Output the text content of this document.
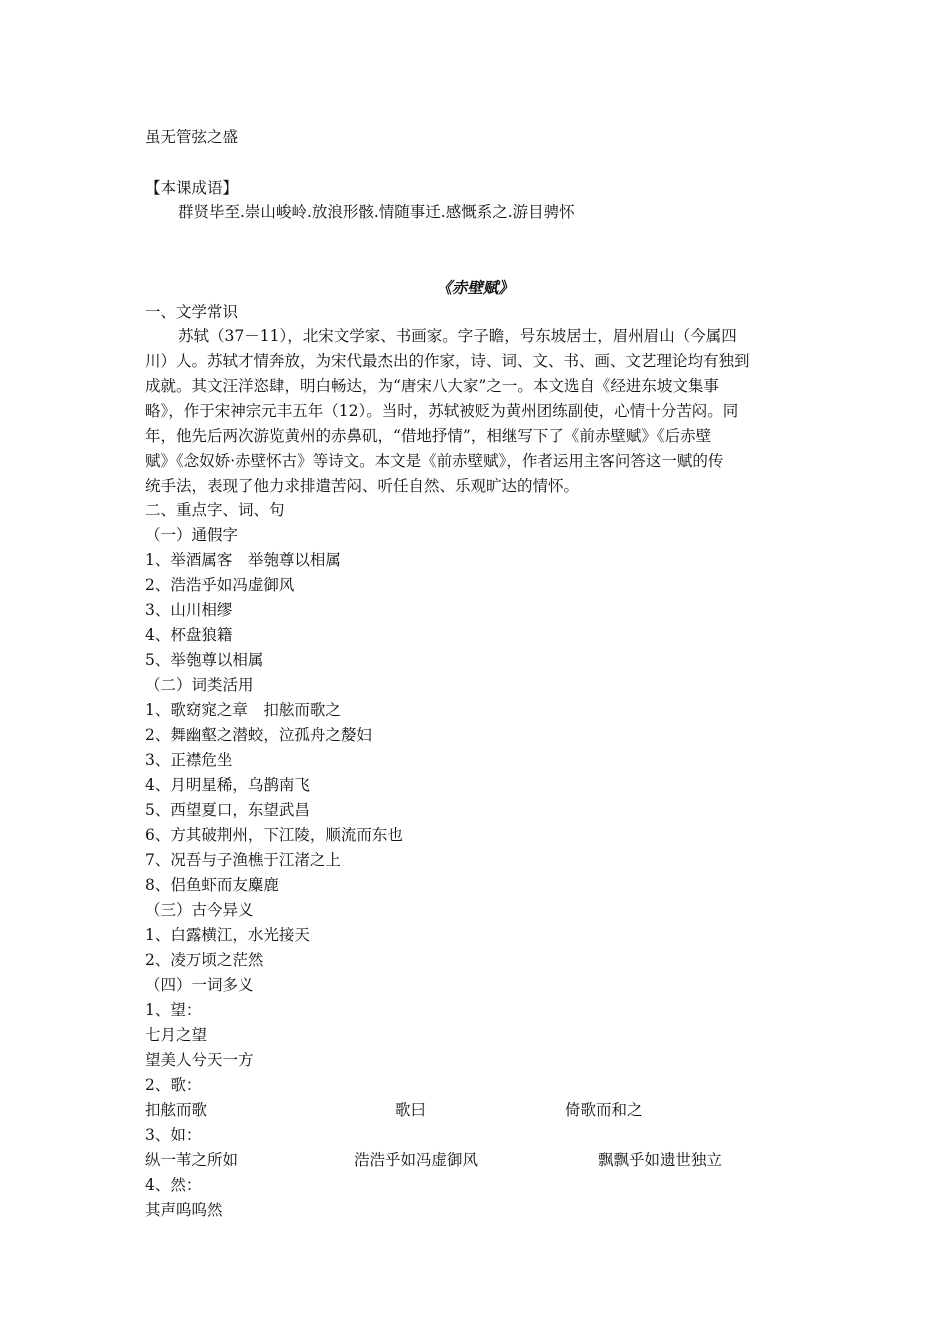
虽无管弦之盛
【本课成语】
群贤毕至.崇山峻岭.放浪形骸.情随事迁.感慨系之.游目骋怀
《赤壁赋》
一、文学常识
苏轼（37－11），北宋文学家、书画家。字子瞻，号东坡居士，眉州眉山（今属四
川）人。苏轼才情奔放，为宋代最杰出的作家，诗、词、文、书、画、文艺理论均有独到
成就。其文汪洋恣肆，明白畅达，为“唐宋八大家”之一。本文选自《经进东坡文集事
略》，作于宋神宗元丰五年（12）。当时，苏轼被贬为黄州团练副使，心情十分苦闷。同
年，他先后两次游览黄州的赤鼻矶，“借地抒情”，相继写下了《前赤壁赋》《后赤壁
赋》《念奴娇·赤壁怀古》等诗文。本文是《前赤壁赋》，作者运用主客问答这一赋的传
统手法，表现了他力求排遣苦闷、听任自然、乐观旷达的情怀。
二、重点字、词、句
（一）通假字
1、举酒属客　举匏尊以相属
2、浩浩乎如冯虚御风
3、山川相缪
4、杯盘狼籍
5、举匏尊以相属
（二）词类活用
1、歌窈窕之章　扣舷而歌之
2、舞幽壑之潜蛟，泣孤舟之嫠妇
3、正襟危坐
4、月明星稀，乌鹊南飞
5、西望夏口，东望武昌
6、方其破荆州，下江陵，顺流而东也
7、况吾与子渔樵于江渚之上
8、侣鱼虾而友麋鹿
（三）古今异义
1、白露横江，水光接天
2、凌万顷之茫然
（四）一词多义
1、望：
七月之望
望美人兮天一方
2、歌：
扣舷而歌	歌曰	倚歌而和之
3、如：
纵一苇之所如	浩浩乎如冯虚御风	飘飘乎如遗世独立
4、然：
其声呜呜然
